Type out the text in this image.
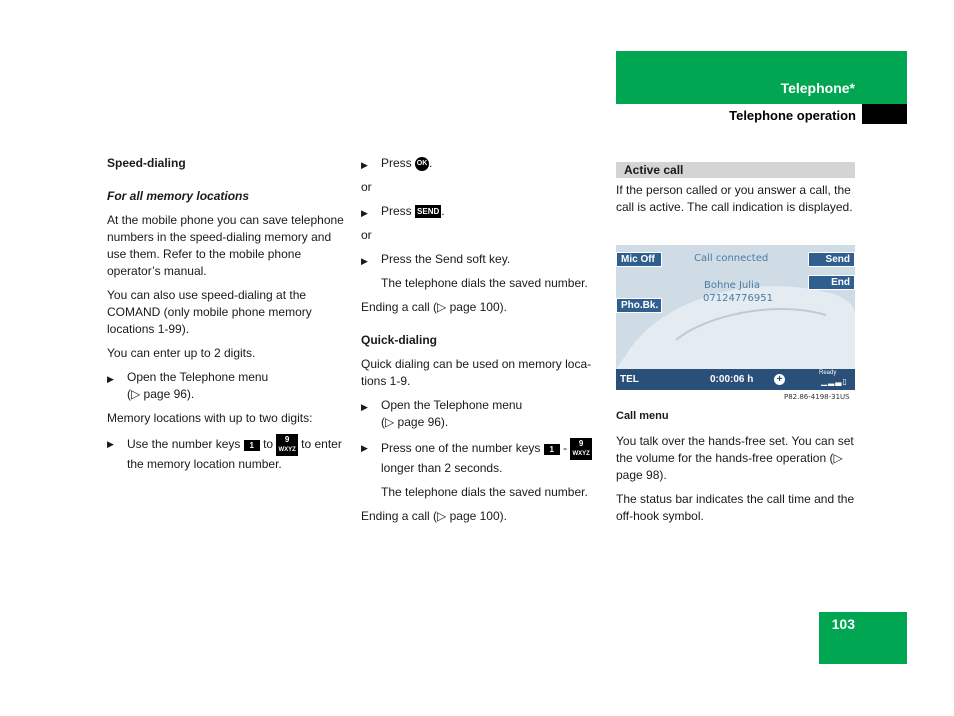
Telephone*
Telephone operation

Speed-dialing

For all memory locations

At the mobile phone you can save telephone numbers in the speed-dialing memory and use them. Refer to the mobile phone operator’s manual.

You can also use speed-dialing at the COMAND (only mobile phone memory locations 1-99).

You can enter up to 2 digits.

▶ Open the Telephone menu
(▷ page 96).

Memory locations with up to two digits:

▶ Use the number keys 1 to 9
WXYZ to enter the memory location number.
▶ Press OK .

or

▶ Press SEND .

or

▶ Press the Send soft key.

The telephone dials the saved number.

Ending a call (▷ page 100).

Quick-dialing

Quick dialing can be used on memory loca-tions 1-9.

▶ Open the Telephone menu
(▷ page 96).
▶ Press one of the number keys 1 - 9
WXYZ longer than 2 seconds.

The telephone dials the saved number.

Ending a call (▷ page 100).

Active call

If the person called or you answer a call, the call is active. The call indication is displayed.

Mic Off
Pho.Bk.
Send
End
Call connected
Bohne Julia
07124776951
TEL	0:00:06 h +
Ready
▁▂▃▯
P82.86-4198-31US

Call menu

You talk over the hands-free set. You can set the volume for the hands-free operation (▷ page 98).

The status bar indicates the call time and the off-hook symbol.

103
